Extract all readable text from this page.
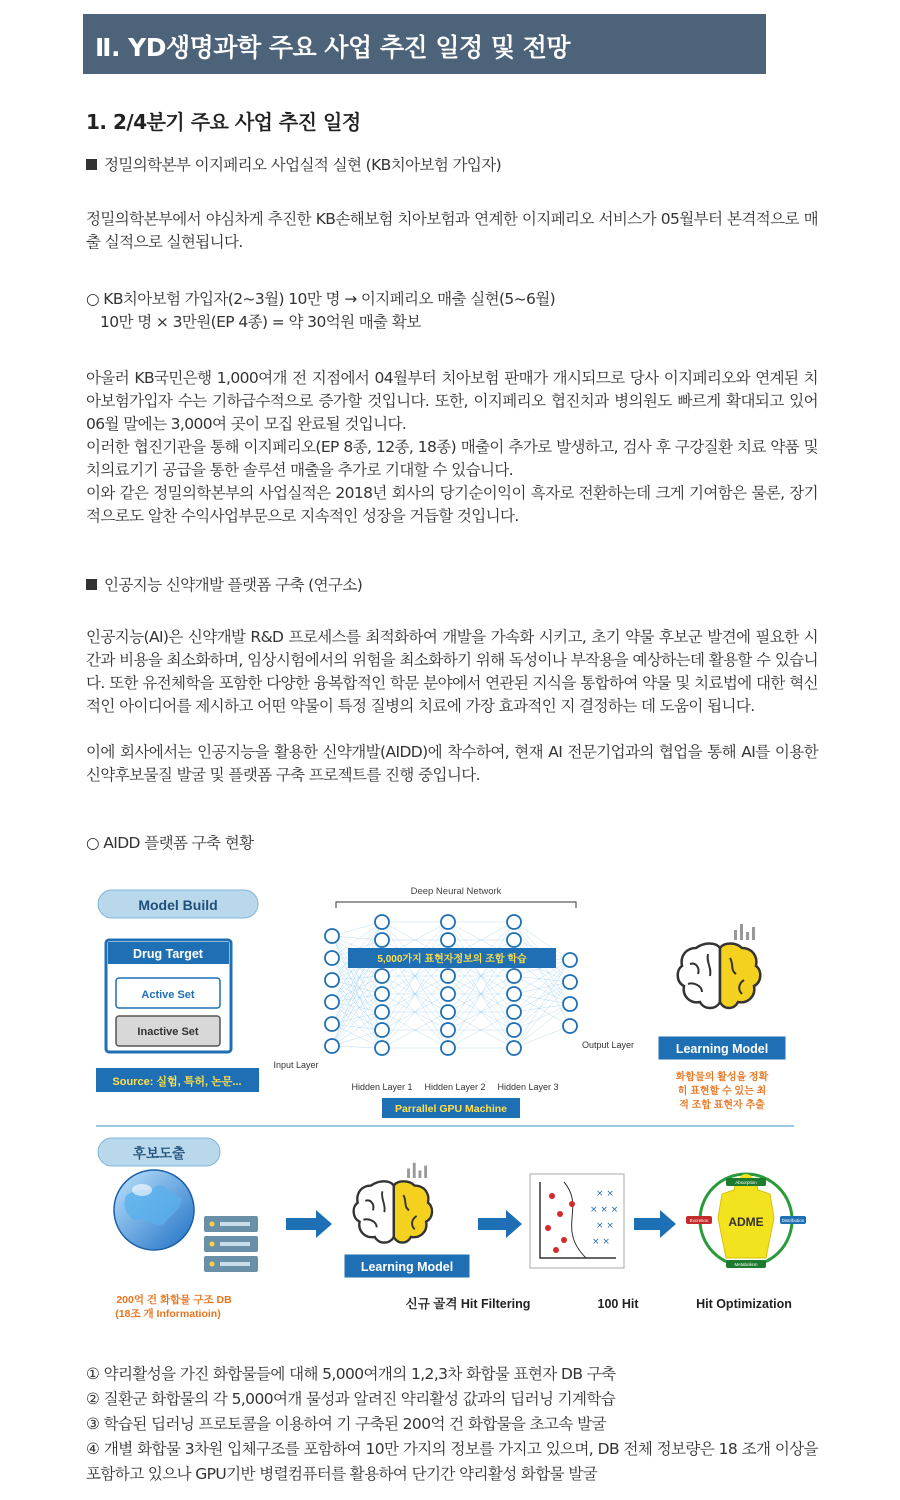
Ⅱ. YD생명과학 주요 사업 추진 일정 및 전망
1. 2/4분기 주요 사업 추진 일정
정밀의학본부 이지페리오 사업실적 실현 (KB치아보험 가입자)
정밀의학본부에서 야심차게 추진한 KB손해보험 치아보험과 연계한 이지페리오 서비스가 05월부터 본격적으로 매출 실적으로 실현됩니다.
○ KB치아보험 가입자(2~3월) 10만 명 → 이지페리오 매출 실현(5~6월)
10만 명 × 3만원(EP 4종) = 약 30억원 매출 확보
아울러 KB국민은행 1,000여개 전 지점에서 04월부터 치아보험 판매가 개시되므로 당사 이지페리오와 연계된 치아보험가입자 수는 기하급수적으로 증가할 것입니다. 또한, 이지페리오 협진치과 병의원도 빠르게 확대되고 있어 06월 말에는 3,000여 곳이 모집 완료될 것입니다.
이러한 협진기관을 통해 이지페리오(EP 8종, 12종, 18종) 매출이 추가로 발생하고, 검사 후 구강질환 치료 약품 및 치의료기기 공급을 통한 솔루션 매출을 추가로 기대할 수 있습니다.
이와 같은 정밀의학본부의 사업실적은 2018년 회사의 당기순이익이 흑자로 전환하는데 크게 기여함은 물론, 장기적으로도 알찬 수익사업부문으로 지속적인 성장을 거듭할 것입니다.
인공지능 신약개발 플랫폼 구축 (연구소)
인공지능(AI)은 신약개발 R&D 프로세스를 최적화하여 개발을 가속화 시키고, 초기 약물 후보군 발견에 필요한 시간과 비용을 최소화하며, 임상시험에서의 위험을 최소화하기 위해 독성이나 부작용을 예상하는데 활용할 수 있습니다. 또한 유전체학을 포함한 다양한 융복합적인 학문 분야에서 연관된 지식을 통합하여 약물 및 치료법에 대한 혁신적인 아이디어를 제시하고 어떤 약물이 특정 질병의 치료에 가장 효과적인 지 결정하는 데 도움이 됩니다.
이에 회사에서는 인공지능을 활용한 신약개발(AIDD)에 착수하여, 현재 AI 전문기업과의 협업을 통해 AI를 이용한 신약후보물질 발굴 및 플랫폼 구축 프로젝트를 진행 중입니다.
○ AIDD 플랫폼 구축 현황
Model Build
Drug Target
Active Set
Inactive Set
Source: 실험, 특허, 논문...
Deep Neural Network
5,000가지 표현자정보의 조합 학습
Input Layer
Output Layer
Hidden Layer 1 Hidden Layer 2 Hidden Layer 3
Parrallel GPU Machine
Learning Model
화합물의 활성을 정확
히 표현할 수 있는 최
적 조합 표현자 추출
후보도출
200억 건 화합물 구조 DB
(18조 개 Informatioin)
Learning Model
× ×
× × ×
× ×
× ×
ADME
Absorption
Metabolism
Excretion	Distribution
신규 골격 Hit Filtering	100 Hit	Hit Optimization
① 약리활성을 가진 화합물들에 대해 5,000여개의 1,2,3차 화합물 표현자 DB 구축
② 질환군 화합물의 각 5,000여개 물성과 알려진 약리활성 값과의 딥러닝 기계학습
③ 학습된 딥러닝 프로토콜을 이용하여 기 구축된 200억 건 화합물을 초고속 발굴
④ 개별 화합물 3차원 입체구조를 포함하여 10만 가지의 정보를 가지고 있으며, DB 전체 정보량은 18 조개 이상을 포함하고 있으나 GPU기반 병렬컴퓨터를 활용하여 단기간 약리활성 화합물 발굴
